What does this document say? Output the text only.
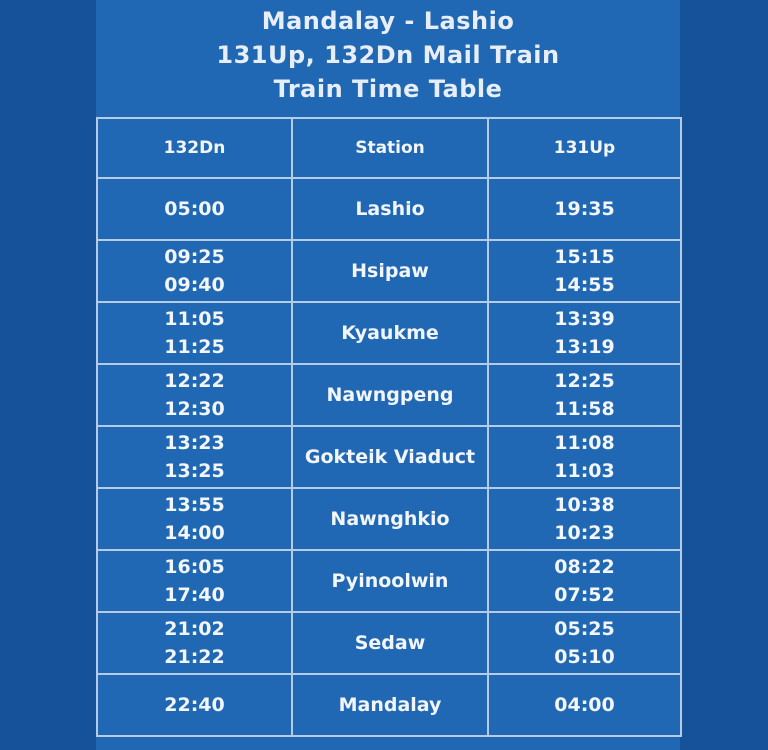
Mandalay - Lashio
131Up, 132Dn Mail Train
Train Time Table
132Dn	Station	131Up

05:00	Lashio	19:35

09:25
09:40	Hsipaw	15:15
14:55

11:05
11:25	Kyaukme	13:39
13:19

12:22
12:30	Nawngpeng	12:25
11:58

13:23
13:25	Gokteik Viaduct	11:08
11:03

13:55
14:00	Nawnghkio	10:38
10:23

16:05
17:40	Pyinoolwin	08:22
07:52

21:02
21:22	Sedaw	05:25
05:10

22:40	Mandalay	04:00
